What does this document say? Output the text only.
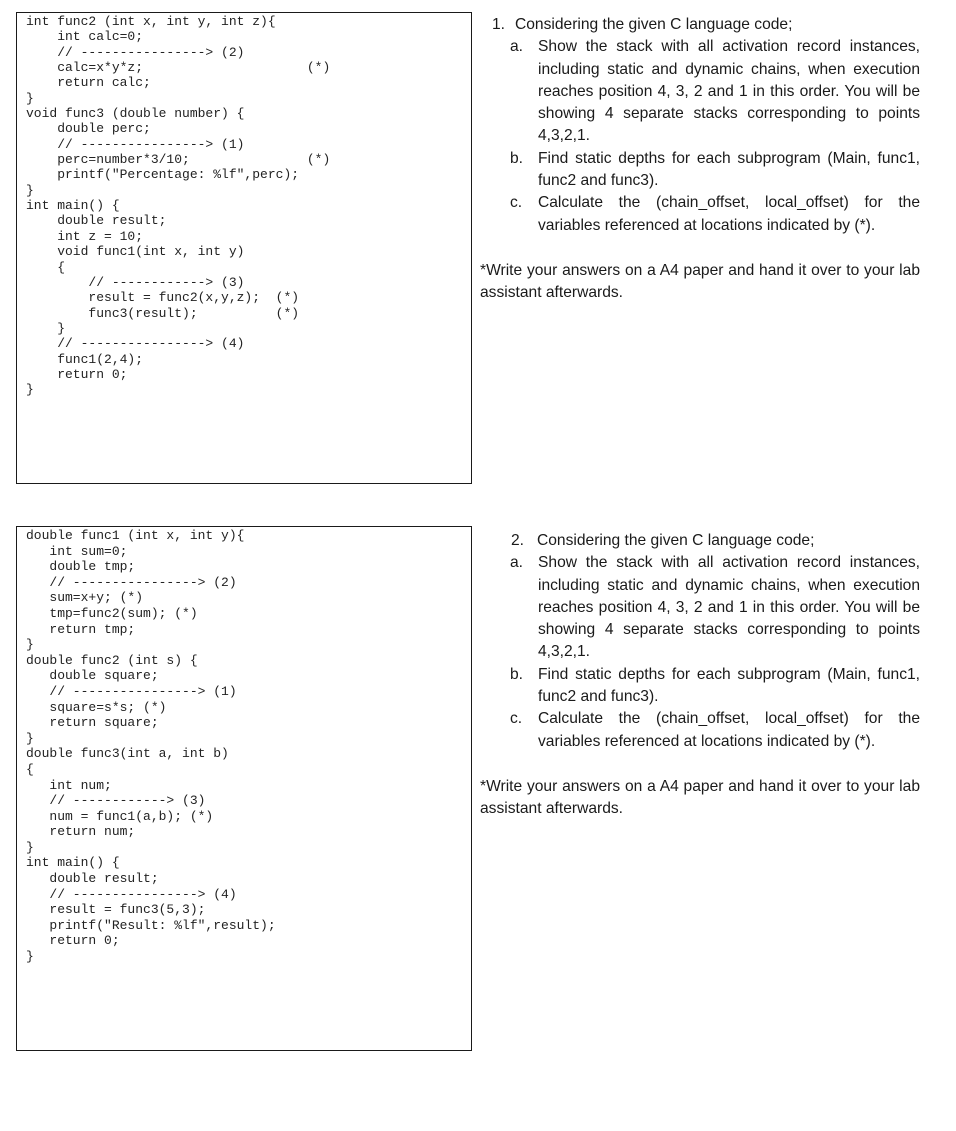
int func2 (int x, int y, int z){
int calc=0;
// ----------------> (2)
calc=x*y*z;                     (*)
return calc;
}
void func3 (double number) {
double perc;
// ----------------> (1)
perc=number*3/10;               (*)
printf("Percentage: %lf",perc);
}
int main() {
double result;
int z = 10;
void func1(int x, int y)
{
// ------------> (3)
result = func2(x,y,z);  (*)
func3(result);          (*)
}
// ----------------> (4)
func1(2,4);
return 0;
}
1. Considering the given C language code;
a. Show the stack with all activation record instances, including static and dynamic chains, when execution reaches position 4, 3, 2 and 1 in this order. You will be showing 4 separate stacks corresponding to points 4,3,2,1.
b. Find static depths for each subprogram (Main, func1, func2 and func3).
c.	Calculate the (chain_offset, local_offset) for the variables referenced at locations indicated by (*).
*Write your answers on a A4 paper and hand it over to your lab assistant afterwards.
double func1 (int x, int y){
int sum=0;
double tmp;
// ----------------> (2)
sum=x+y; (*)
tmp=func2(sum); (*)
return tmp;
}
double func2 (int s) {
double square;
// ----------------> (1)
square=s*s; (*)
return square;
}
double func3(int a, int b)
{
int num;
// ------------> (3)
num = func1(a,b); (*)
return num;
}
int main() {
double result;
// ----------------> (4)
result = func3(5,3);
printf("Result: %lf",result);
return 0;
}
2. Considering the given C language code;
a. Show the stack with all activation record instances, including static and dynamic chains, when execution reaches position 4, 3, 2 and 1 in this order. You will be showing 4 separate stacks corresponding to points 4,3,2,1.
b. Find static depths for each subprogram (Main, func1, func2 and func3).
c.	Calculate the (chain_offset, local_offset) for the variables referenced at locations indicated by (*).
*Write your answers on a A4 paper and hand it over to your lab assistant afterwards.
